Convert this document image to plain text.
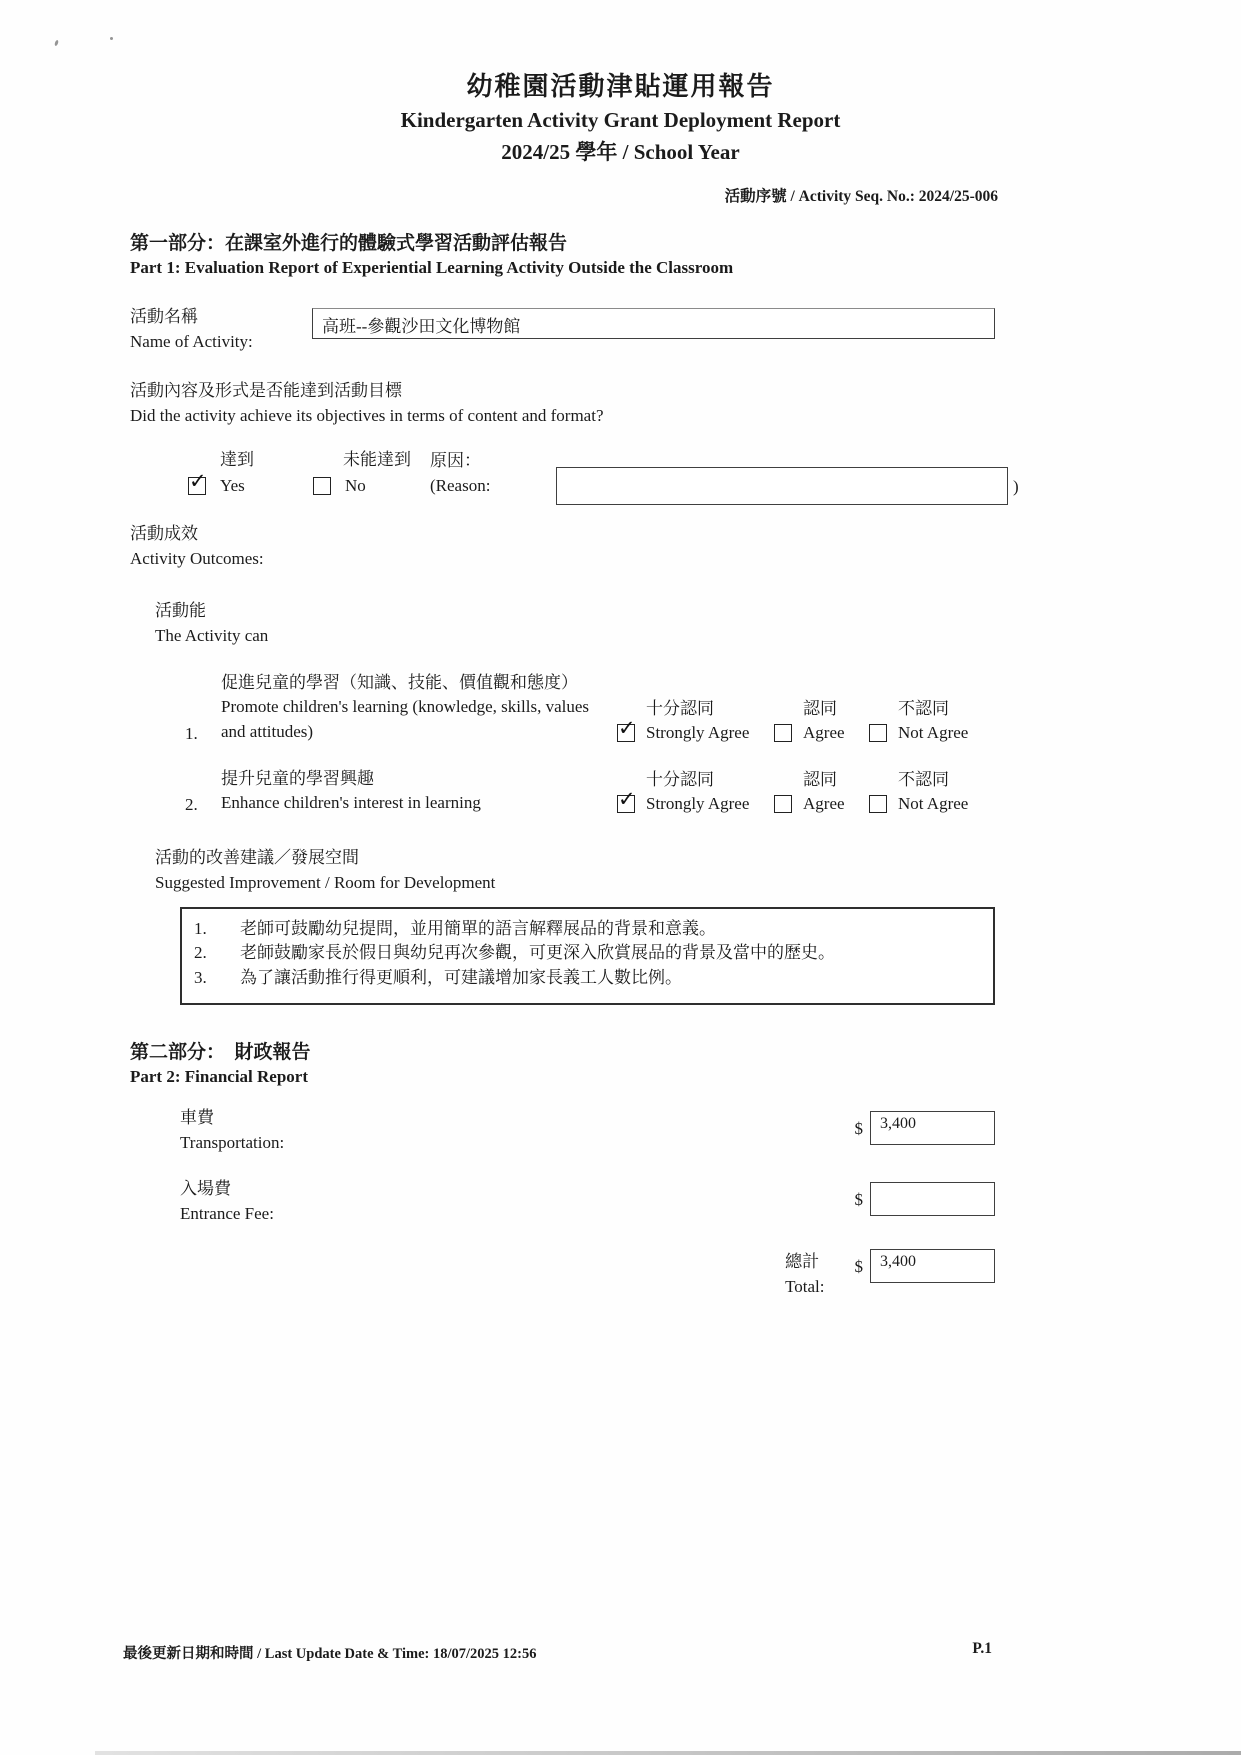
幼稚園活動津貼運用報告
Kindergarten Activity Grant Deployment Report
2024/25 學年 / School Year
活動序號 / Activity Seq. No.: 2024/25-006
第一部分：在課室外進行的體驗式學習活動評估報告
Part 1: Evaluation Report of Experiential Learning Activity Outside the Classroom
活動名稱
Name of Activity:
高班--參觀沙田文化博物館
活動內容及形式是否能達到活動目標
Did the activity achieve its objectives in terms of content and format?
達到
✓
Yes
未能達到
No
原因：
(Reason:	)
活動成效
Activity Outcomes:
活動能
The Activity can
1.
促進兒童的學習（知識、技能、價值觀和態度）
Promote children's learning (knowledge, skills, values and attitudes)
✓
十分認同
Strongly Agree
認同
Agree
不認同
Not Agree
2.
提升兒童的學習興趣
Enhance children's interest in learning
✓
十分認同
Strongly Agree
認同
Agree
不認同
Not Agree
活動的改善建議／發展空間
Suggested Improvement / Room for Development
1.	老師可鼓勵幼兒提問，並用簡單的語言解釋展品的背景和意義。
2.	老師鼓勵家長於假日與幼兒再次參觀，可更深入欣賞展品的背景及當中的歷史。
3.	為了讓活動推行得更順利，可建議增加家長義工人數比例。
第二部分：　財政報告
Part 2: Financial Report
車費
Transportation:
$	3,400
入場費
Entrance Fee:
$
總計
Total:
$	3,400
最後更新日期和時間 / Last Update Date & Time: 18/07/2025 12:56	P.1
